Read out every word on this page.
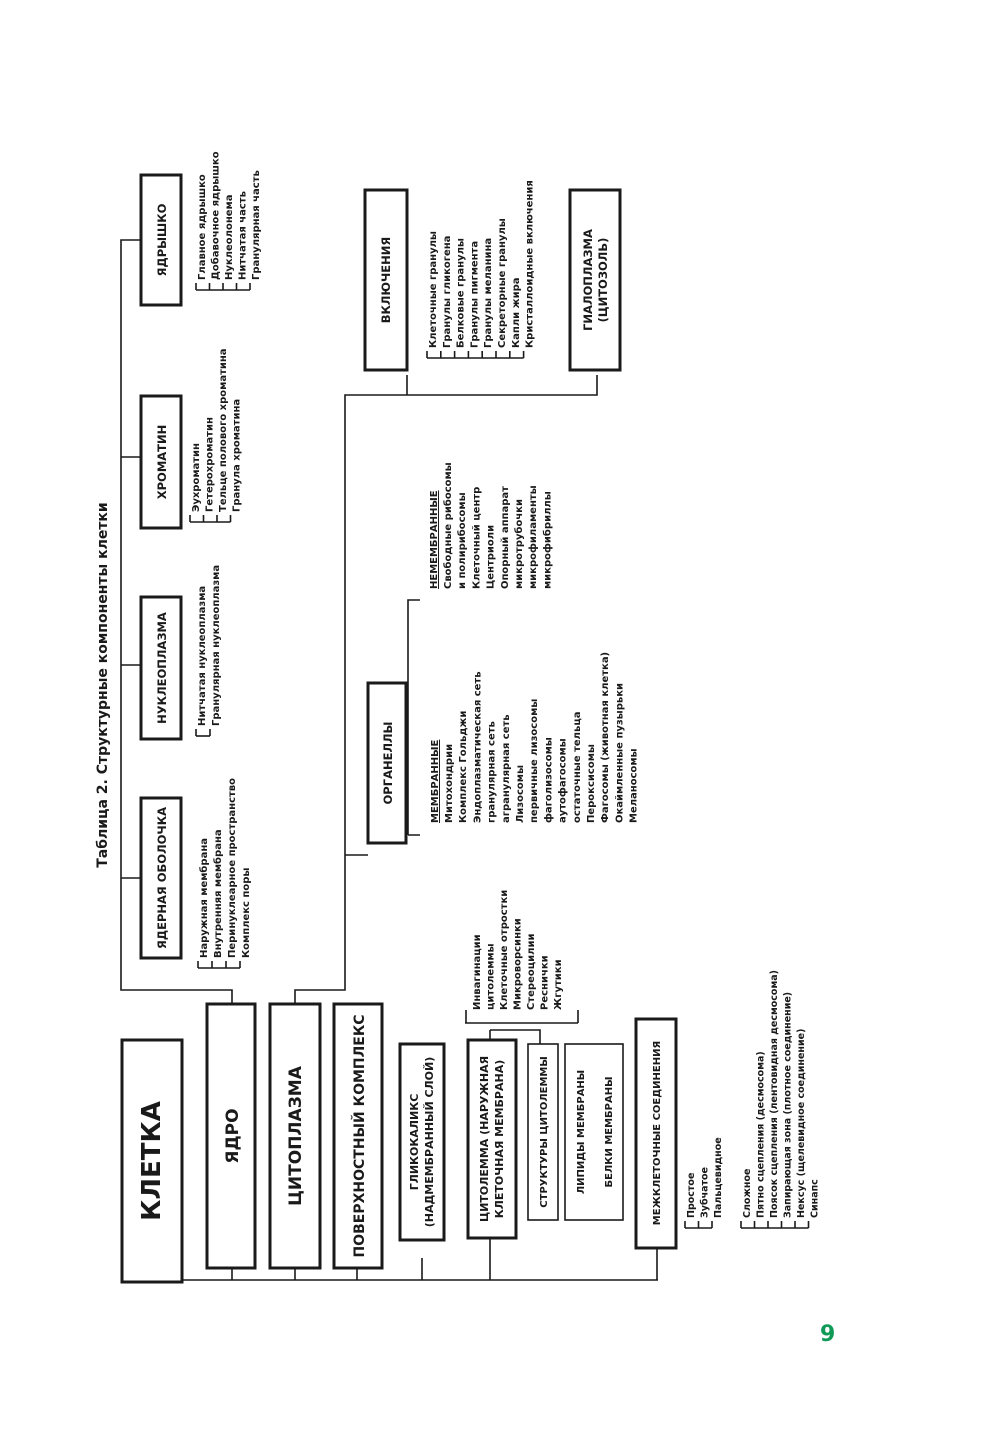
Таблица 2. Структурные компоненты клетки
КЛЕТКА	ЯДРО	ЦИТОПЛАЗМА	ПОВЕРХНОСТНЫЙ КОМПЛЕКС
ЯДЕРНАЯ ОБОЛОЧКА
НУКЛЕОПЛАЗМА
ХРОМАТИН
ЯДРЫШКО
ОРГАНЕЛЛЫ
ВКЛЮЧЕНИЯ	ГИАЛОПЛАЗМА (ЦИТОЗОЛЬ)
ГЛИКОКАЛИКС (НАДМЕМБРАННЫЙ СЛОЙ)	ЦИТОЛЕММА (НАРУЖНАЯ КЛЕТОЧНАЯ МЕМБРАНА)	СТРУКТУРЫ ЦИТОЛЕММЫ	ЛИПИДЫ МЕМБРАНЫ БЕЛКИ МЕМБРАНЫ	МЕЖКЛЕТОЧНЫЕ СОЕДИНЕНИЯ
Наружная мембрана Внутренняя мембрана Перинуклеарное пространство Комплекс поры
Нитчатая нуклеоплазма Гранулярная нуклеоплазма
Эухроматин Гетерохроматин Тельце полового хроматина Гранула хроматина
Главное ядрышко Добавочное ядрышко Нуклеолонема Нитчатая часть Гранулярная часть
МЕМБРАННЫЕ Митохондрии Комплекс Гольджи Эндоплазматическая сеть гранулярная сеть агранулярная сеть Лизосомы первичные лизосомы фаголизосомы аутофагосомы остаточные тельца Пероксисомы Фагосомы (животная клетка) Окаймленные пузырьки Меланосомы
НЕМЕМБРАННЫЕ Свободные рибосомы и полирибосомы Клеточный центр Центриоли Опорный аппарат микротрубочки микрофиламенты микрофибриллы
Клеточные гранулы Гранулы гликогена Белковые гранулы Гранулы пигмента Гранулы меланина Секреторные гранулы Капли жира Кристаллоидные включения
Инвагинации цитолеммы Клеточные отростки Микроворсинки Стереоцилии Реснички Жгутики
Простое Зубчатое Пальцевидное Сложное Пятно сцепления (десмосома) Поясок сцепления (лентовидная десмосома) Запирающая зона (плотное соединение) Нексус (щелевидное соединение) Синапс
9
